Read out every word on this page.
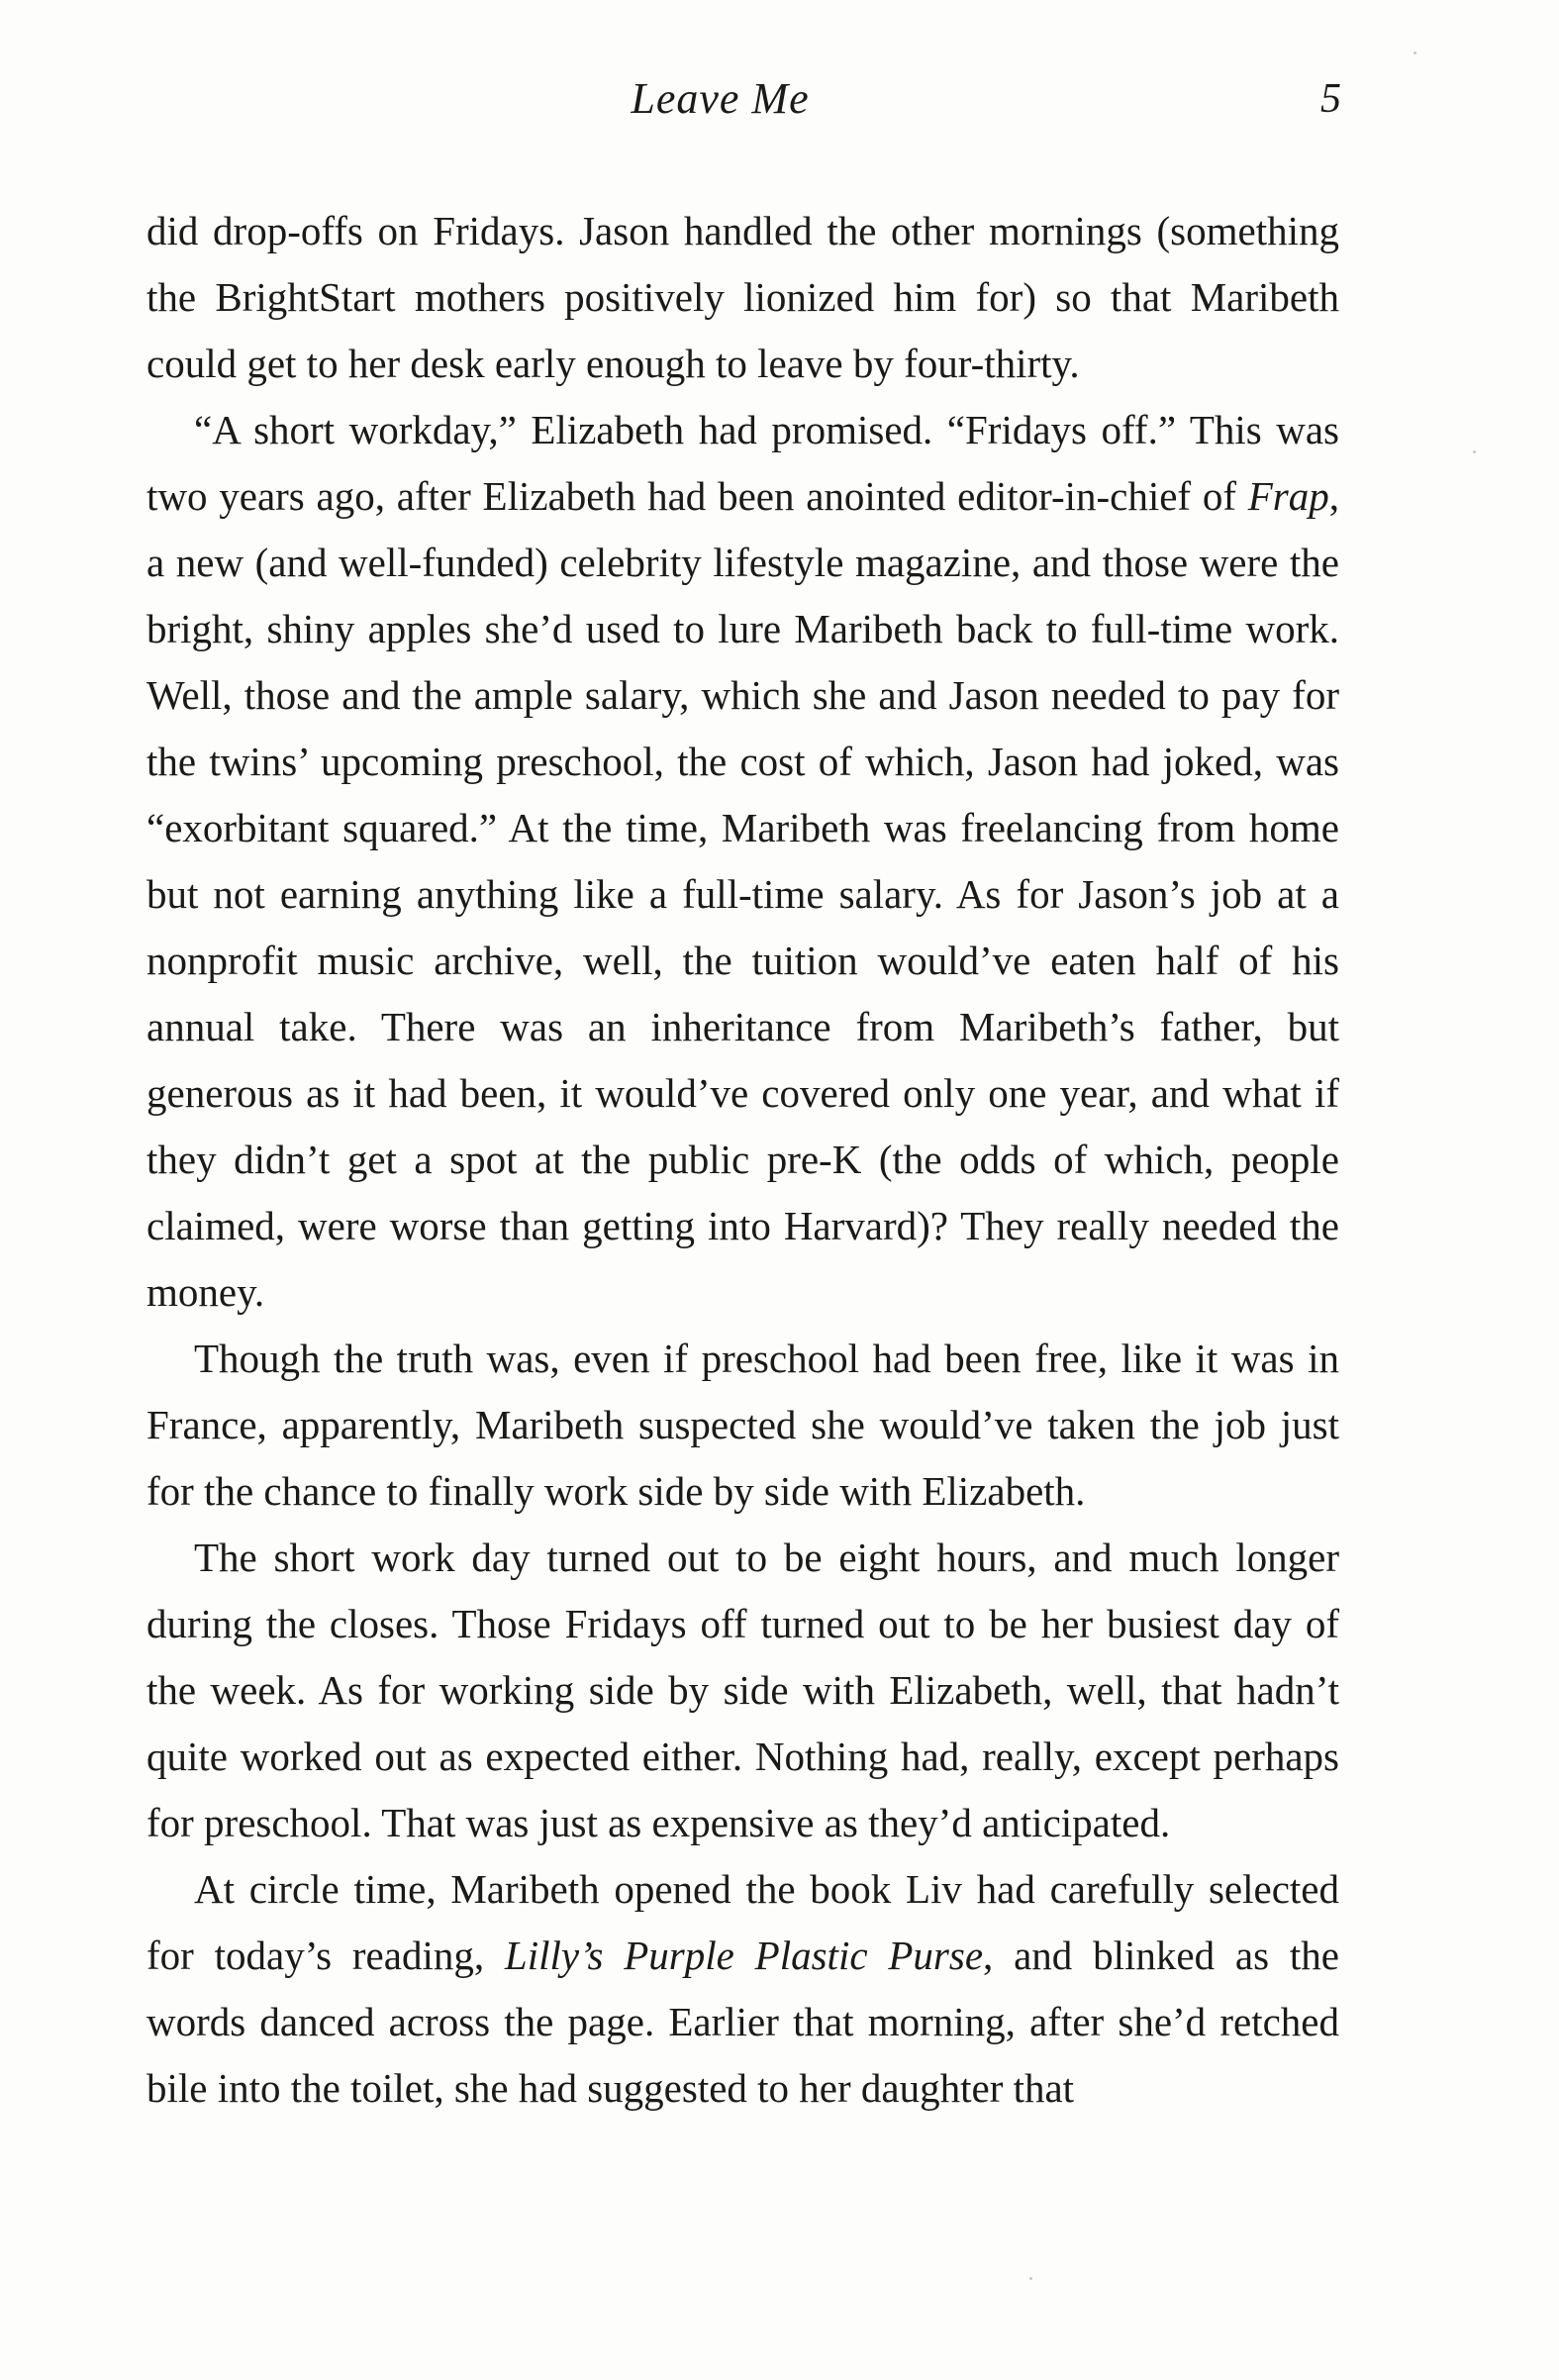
Leave Me	5

did drop-offs on Fridays. Jason handled the other mornings (something the BrightStart mothers positively lionized him for) so that Maribeth could get to her desk early enough to leave by four-thirty.

“A short workday,” Elizabeth had promised. “Fridays off.” This was two years ago, after Elizabeth had been anointed editor-in-chief of Frap, a new (and well-funded) celebrity lifestyle magazine, and those were the bright, shiny apples she’d used to lure Maribeth back to full-time work. Well, those and the ample salary, which she and Jason needed to pay for the twins’ upcoming preschool, the cost of which, Jason had joked, was “exorbitant squared.” At the time, Maribeth was freelancing from home but not earning anything like a full-time salary. As for Jason’s job at a nonprofit music archive, well, the tuition would’ve eaten half of his annual take. There was an inheritance from Maribeth’s father, but generous as it had been, it would’ve covered only one year, and what if they didn’t get a spot at the public pre-K (the odds of which, people claimed, were worse than getting into Harvard)? They really needed the money.

Though the truth was, even if preschool had been free, like it was in France, apparently, Maribeth suspected she would’ve taken the job just for the chance to finally work side by side with Elizabeth.

The short work day turned out to be eight hours, and much longer during the closes. Those Fridays off turned out to be her busiest day of the week. As for working side by side with Elizabeth, well, that hadn’t quite worked out as expected either. Nothing had, really, except perhaps for preschool. That was just as expensive as they’d anticipated.

At circle time, Maribeth opened the book Liv had carefully selected for today’s reading, Lilly’s Purple Plastic Purse, and blinked as the words danced across the page. Earlier that morning, after she’d retched bile into the toilet, she had suggested to her daughter that
